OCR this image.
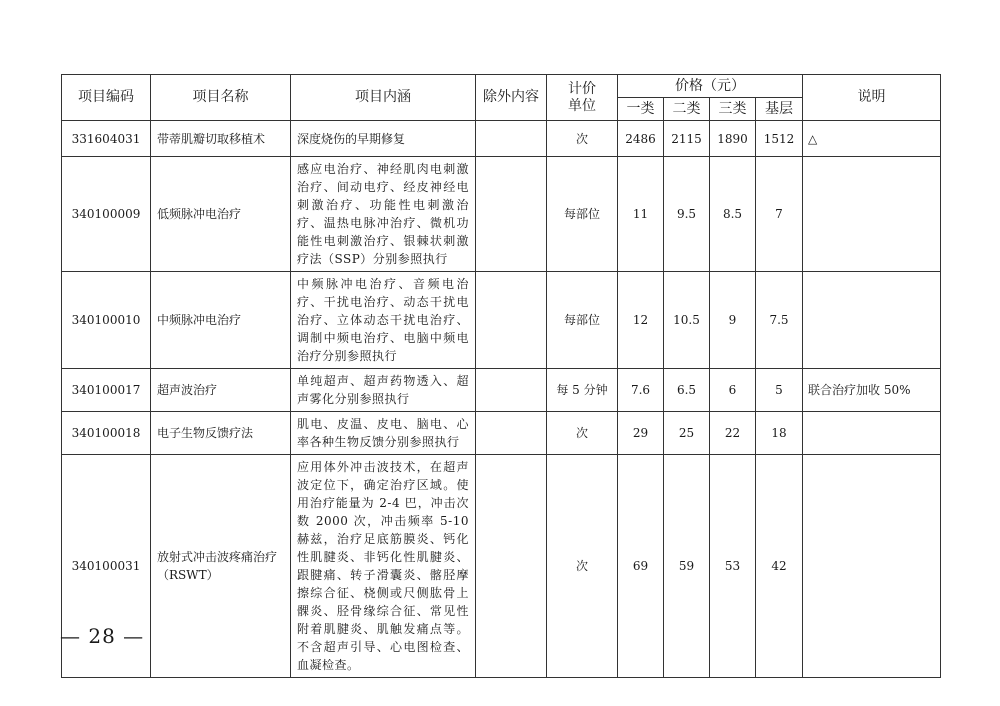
项目编码	项目名称	项目内涵	除外内容	计价
单位	价格（元）				说明
					一类	二类	三类	基层	
331604031	带蒂肌瓣切取移植术	深度烧伤的早期修复		次	2486	2115	1890	1512	△
340100009	低频脉冲电治疗	感应电治疗、神经肌肉电刺激治疗、间动电疗、经皮神经电刺激治疗、功能性电刺激治疗、温热电脉冲治疗、微机功能性电刺激治疗、银棘状刺激疗法（SSP）分别参照执行		每部位	11	9.5	8.5	7	
340100010	中频脉冲电治疗	中频脉冲电治疗、音频电治疗、干扰电治疗、动态干扰电治疗、立体动态干扰电治疗、调制中频电治疗、电脑中频电治疗分别参照执行		每部位	12	10.5	9	7.5	
340100017	超声波治疗	单纯超声、超声药物透入、超声雾化分别参照执行		每 5 分钟	7.6	6.5	6	5	联合治疗加收 50%
340100018	电子生物反馈疗法	肌电、皮温、皮电、脑电、心率各种生物反馈分别参照执行		次	29	25	22	18	
340100031	放射式冲击波疼痛治疗（RSWT）	应用体外冲击波技术，在超声波定位下，确定治疗区域。使用治疗能量为 2-4 巴，冲击次数 2000 次，冲击频率 5-10 赫兹，治疗足底筋膜炎、钙化性肌腱炎、非钙化性肌腱炎、跟腱痛、转子滑囊炎、髂胫摩擦综合征、桡侧或尺侧肱骨上髁炎、胫骨缘综合征、常见性附着肌腱炎、肌触发痛点等。不含超声引导、心电图检查、血凝检查。		次	69	59	53	42	
— 28 —
